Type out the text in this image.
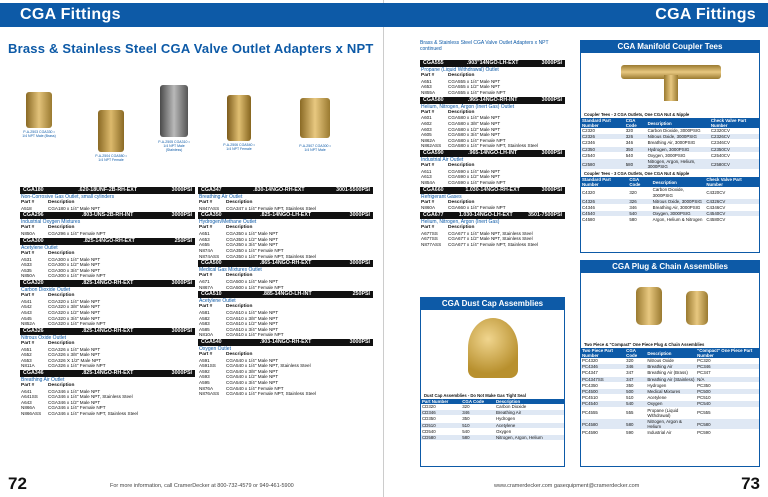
CGA Fittings
Brass & Stainless Steel CGA Valve Outlet Adapters x NPT
P-A-2503 CGA330 • 1/4 NPT Male (Brass)
P-A-2504 CGA580 • 1/4 NPT Female
P-A-2505 CGA310 • 1/4 NPT Male (Stainless)
P-A-2506 CGA540 • 1/4 NPT Female
P-A-2507 CGA300 • 1/4 NPT Male
CGA180	.620-18UNF-2B-RH-EXT	3000PSI
Non-Corrosive Gas Outlet, small cylinders
Part #	Description
A518	CGA180 x 1/4" Male NPT
CGA296	.803-UNS-2B-RH-INT	3000PSI
Industrial Oxygen Mixtures
Part #	Description
N850A	CGA296 x 1/4" Female NPT
CGA300	.825-14NGO-RH-EXT	250PSI
Acetylene Outlet
Part #	Description
A531	CGA300 x 1/4" Male NPT
A533	CGA300 x 1/2" Male NPT
A535	CGA300 x 3/4" Male NPT
N850A	CGA300 x 1/4" Female NPT
CGA320	.825-14NGO-RH-EXT	3000PSI
Carbon Dioxide Outlet
Part #	Description
A541	CGA320 x 1/4" Male NPT
A542	CGA320 x 3/8" Male NPT
A543	CGA320 x 1/2" Male NPT
A545	CGA320 x 3/4" Male NPT
N852A	CGA320 x 1/4" Female NPT
CGA326	.825-14NGO-RH-EXT	3000PSI
Nitrous Oxide Outlet
Part #	Description
A551	CGA326 x 1/4" Male NPT
A552	CGA326 x 3/8" Male NPT
A553	CGA326 X 1/2" Male NPT
N811A	CGA326 x 1/4" Female NPT
CGA346	.825-14NGO-RH-EXT	3000PSI
Breathing Air Outlet
Part #	Description
A641	CGA346 x 1/4" Male NPT
A641SS	CGA346 x 1/4" Male NPT, Stainless Steel
A643	CGA346 x 1/2" Male NPT
N866A	CGA346 x 1/4" Female NPT
N866ASS	CGA346 x 1/4" Female NPT, Stainless Steel
CGA347	.830-14NGO-RH-EXT	3001-5500PSI
Breathing Air Outlet
Part #	Description
N847ASS	CGA347 x 1/4" Female NPT, Stainless Steel
CGA350	.825-14NGO-LH-EXT	3000PSI
Hydrogen/Methane Outlet
Part #	Description
A651	CGA350 x 1/4" Male NPT
A653	CGA350 x 1/2" Male NPT
A655	CGA350 x 3/4" Male NPT
N874A	CGA350 x 1/4" Female NPT
N874ASS	CGA350 x 1/4" Female NPT, Stainless Steel
CGA500	.865-14NGO-RH-EXT	3000PSI
Medical Gas Mixtures Outlet
Part #	Description
A671	CGA500 x 1/4" Male NPT
N867A	CGA500 x 1/4" Female NPT
CGA510	.885-14NGO-LH-INT	250PSI
Acetylene Outlet
Part #	Description
A581	CGA510 x 1/4" Male NPT
A582	CGA510 x 3/8" Male NPT
A583	CGA510 x 1/2" Male NPT
A585	CGA510 x 3/4" Male NPT
N810A	CGA510 x 1/4" Female NPT
CGA540	.903-14NGO-RH-EXT	3000PSI
Oxygen Outlet
Part #	Description
A591	CGA540 x 1/4" Male NPT
A591SS	CGA540 x 1/4" Male NPT, Stainless Steel
A592	CGA540 x 3/8" Male NPT
A593	CGA540 x 1/2" Male NPT
A595	CGA540 x 3/4" Male NPT
N876A	CGA540 x 1/4" Female NPT
N876ASS	CGA540 x 1/4" Female NPT, Stainless Steel
72	For more information, call CramerDecker at 800-732-4579 or 949-461-5900
CGA Fittings
Brass & Stainless Steel CGA Valve Outlet Adapters x NPT continued
CGA555	.903"14NGO-LH-EXT	3000PSI
Propane (Liquid Withdrawal) Outlet
Part #	Description
A651	CGA555 x 1/4" Male NPT
A653	CGA555 x 1/2" Male NPT
N855A	CGA555 x 1/4" Female NPT
CGA580	.965-14NGO-RH-INT	3000PSI
Helium, Nitrogen, Argon (Inert Gas) Outlet
Part #	Description
A601	CGA580 x 1/4" Male NPT
A602	CGA580 x 3/8" Male NPT
A603	CGA580 x 1/2" Male NPT
A605	CGA580 x 3/4" Male NPT
N862A	CGA580 x 1/4" Female NPT
N862ASS	CGA580 x 1/4" Female NPT, Stainless Steel
CGA590	.965-14NGO-LH-INT	3000PSI
Industrial Air Outlet
Part #	Description
A611	CGA590 x 1/4" Male NPT
A613	CGA590 x 1/2" Male NPT
N854A	CGA590 x 1/4" Female NPT
CGA660	1.030-14NGO-RH-EXT	3000PSI
Refrigerant Gases
Part #	Description
N860A	CGA660 x 1/4" Female NPT
CGA677	1.030-14NGO-LH-EXT	3501-7500PSI
Helium, Nitrogen, Argon (Inert Gas)
Part #	Description
A677SS	CGA677 x 1/4" Male NPT, Stainless Steel
A677SS	CGA677 x 1/2" Male NPT, Stainless Steel
N877ASS	CGA677 x 1/4" Female NPT, Stainless Steel
CGA Dust Cap Assemblies
Dust Cap Assemblies - Do Not Make Gas Tight Seal
Part Number	CGA Code	Description
CD320	320	Carbon Dioxide
CD346	346	Breathing Air
CD350	350	Hydrogen
CD510	510	Acetylene
CD540	540	Oxygen
CD580	580	Nitrogen, Argon, Helium
CGA Manifold Coupler Tees
Coupler Tees - 2 CGA Outlets, One CGA Nut & Nipple
Standard Part Number	CGA Code	Description	Check Valve Part Number
C2320	320	Carbon Dioxide, 3000PSIG	C2320CV
C2326	326	Nitrous Oxide, 3000PSIG	C2326CV
C2346	346	Breathing Air, 3000PSIG	C2346CV
C2350	350	Hydrogen, 3000PSIG	C2350CV
C2540	540	Oxygen, 3000PSIG	C2540CV
C2580	580	Nitrogen, Argon, Helium, 3000PSIG	C2580CV
Coupler Tees - 3 CGA Outlets, One CGA Nut & Nipple
Standard Part Number	CGA Code	Description	Check Valve Part Number
C4320	320	Carbon Dioxide, 3000PSIG	C4320CV
C4326	326	Nitrous Oxide, 3000PSIG	C4326CV
C4346	346	Breathing Air, 3000PSIG	C4346CV
C4540	540	Oxygen, 3000PSIG	C4540CV
C4580	580	Argon, Helium & Nitrogen	C4580CV
CGA Plug & Chain Assemblies
Two Piece & "Compact" One Piece Plug & Chain Assemblies
Two Piece Part Number	CGA Code	Description	"Compact" One Piece Part Number
PC4320	320	Nitrous Oxide	PC320
PC4346	346	Breathing Air	PC346
PC4347	347	Breathing Air (Brass)	PC347
PC4347SS	347	Breathing Air (Stainless)	N/A
PC4350	350	Hydrogen	PC350
PC4500	500	Medical Mixtures	PC500
PC4510	510	Acetylene	PC510
PC4540	540	Oxygen	PC540
PC4555	555	Propane (Liquid Withdrawal)	PC555
PC4580	580	Nitrogen, Argon & Helium	PC580
PC4590	590	Industrial Air	PC590
www.cramerdecker.com gasequipment@cramerdecker.com	73
